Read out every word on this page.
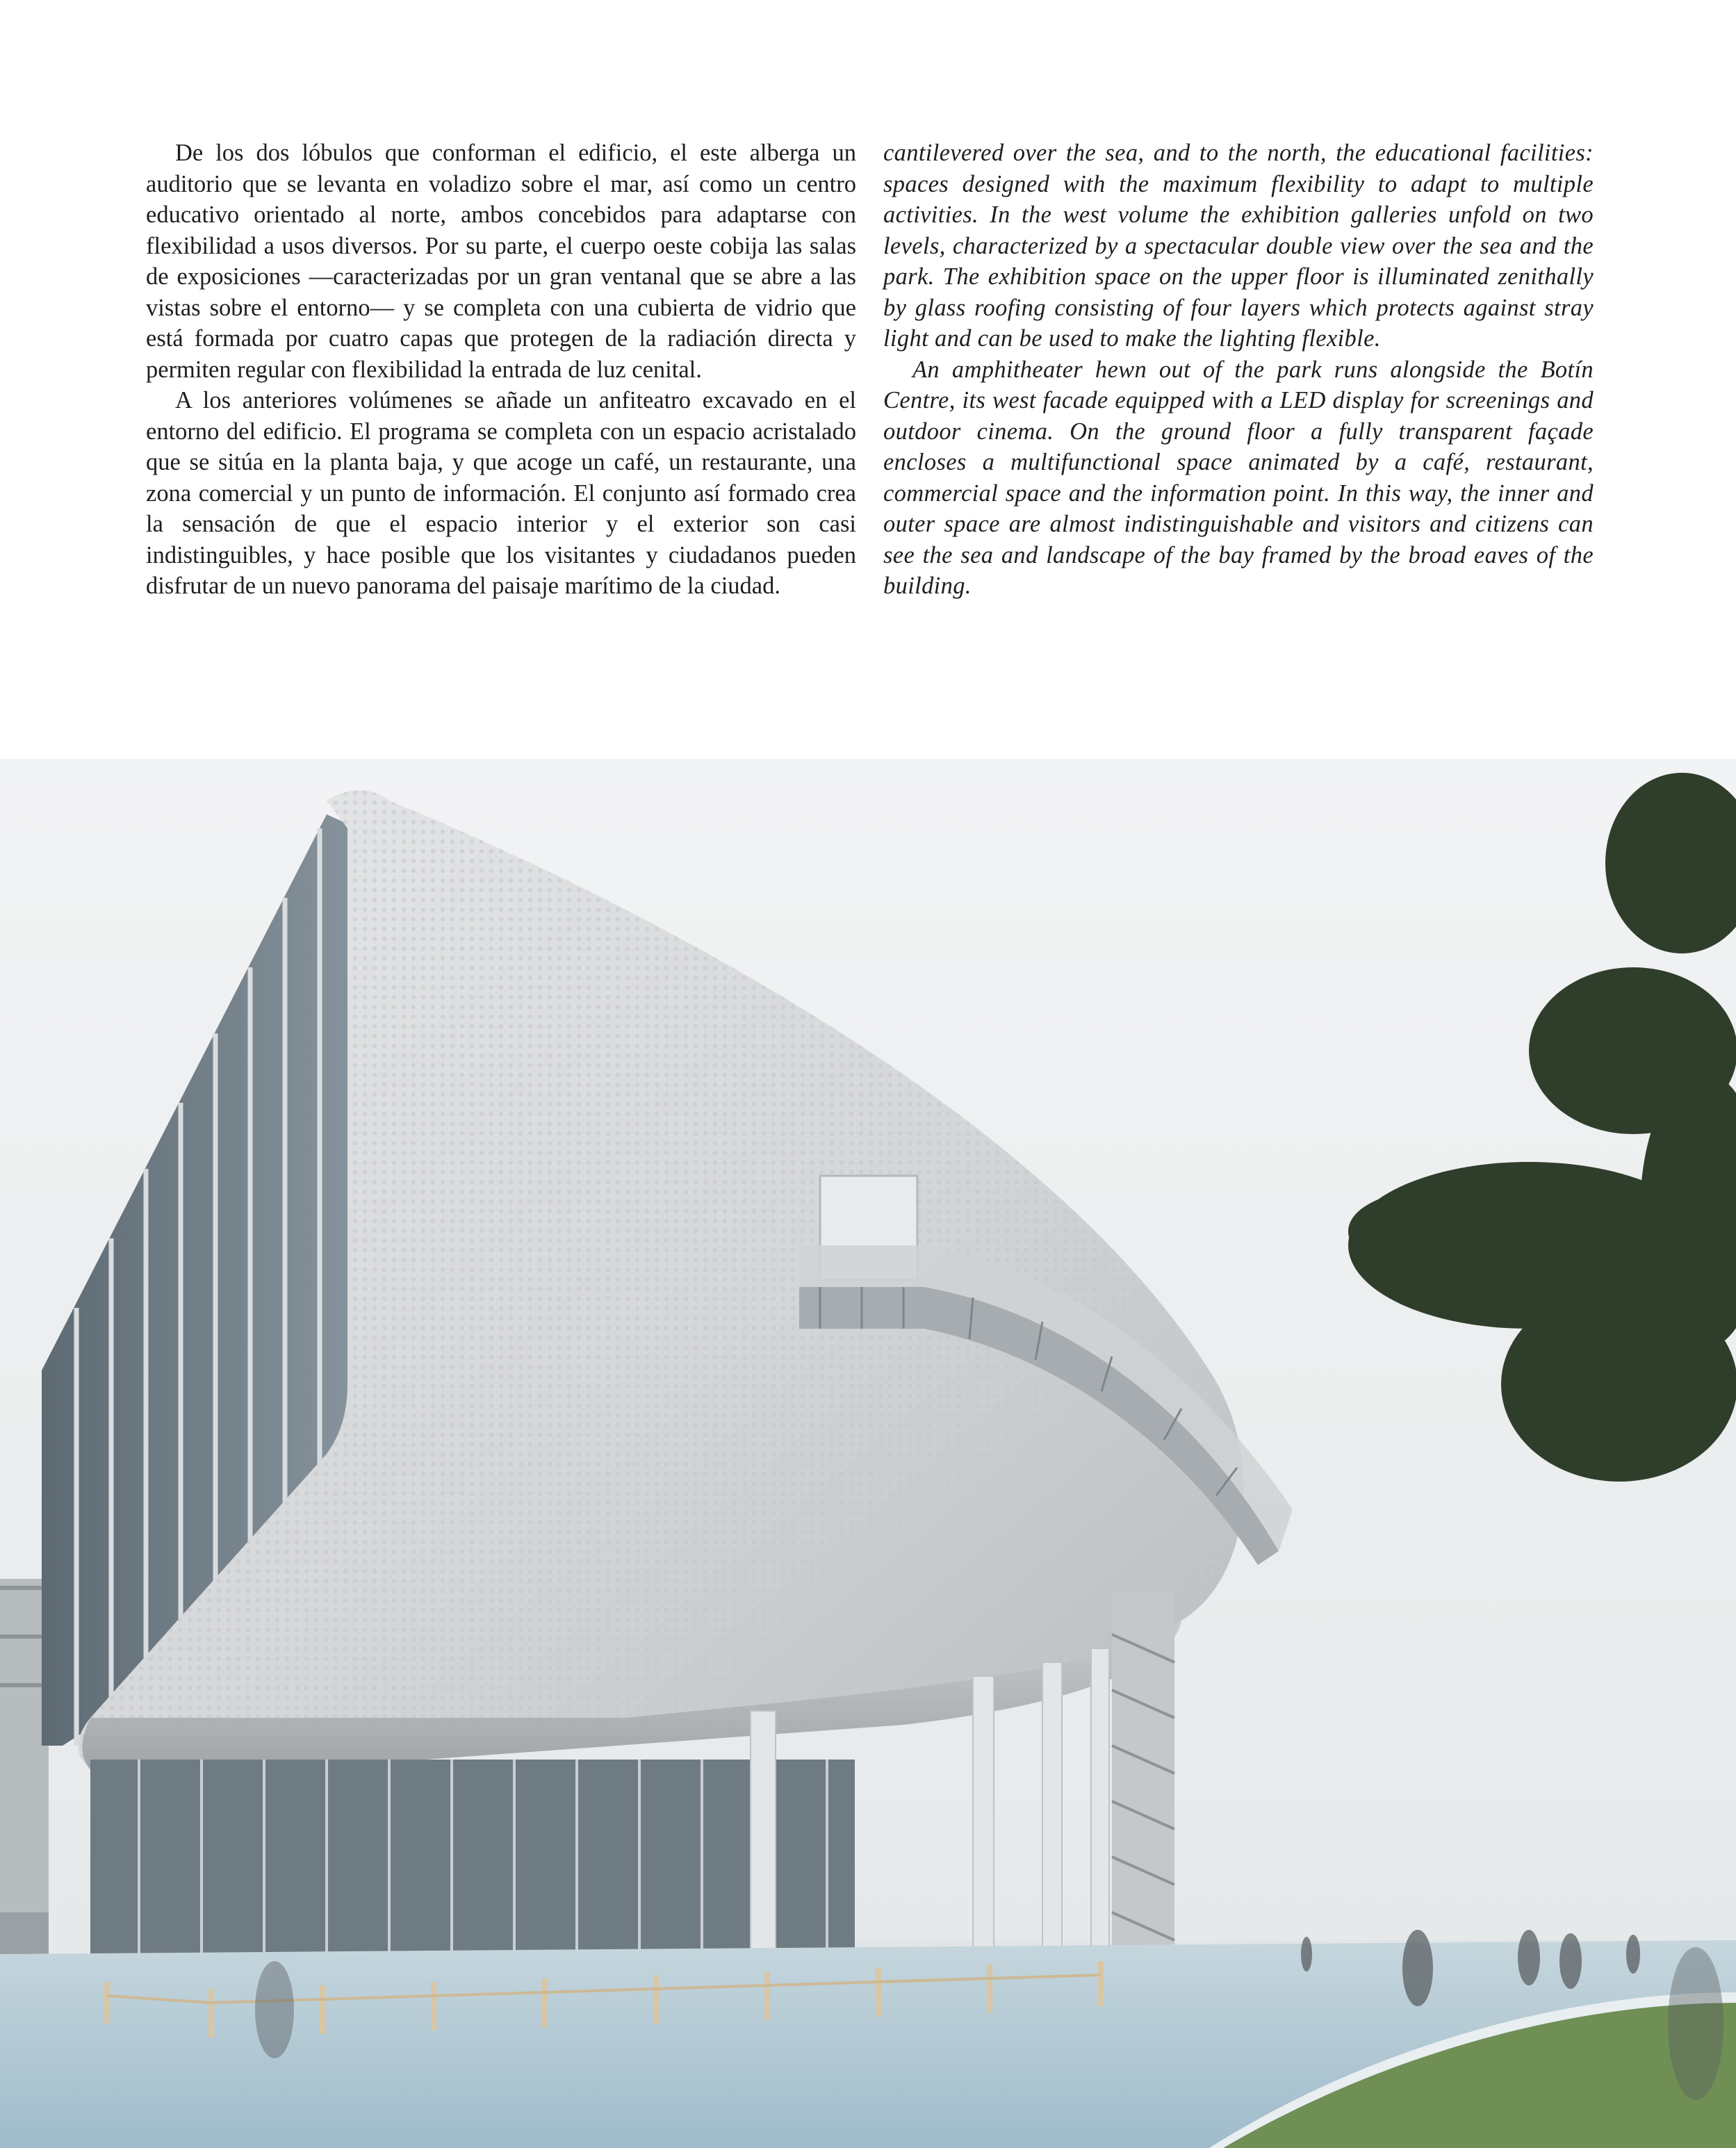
De los dos lóbulos que conforman el edificio, el este alberga un auditorio que se levanta en voladizo sobre el mar, así como un centro educativo orientado al norte, ambos concebidos para adaptarse con flexibilidad a usos diversos. Por su parte, el cuerpo oeste cobija las salas de exposiciones —caracterizadas por un gran ventanal que se abre a las vistas sobre el entorno— y se completa con una cubierta de vidrio que está formada por cuatro capas que protegen de la radiación directa y permiten regular con flexibilidad la entrada de luz cenital.

A los anteriores volúmenes se añade un anfiteatro excavado en el entorno del edificio. El programa se completa con un espacio acristalado que se sitúa en la planta baja, y que acoge un café, un restaurante, una zona comercial y un punto de información. El conjunto así formado crea la sensación de que el espacio interior y el exterior son casi indistinguibles, y hace posible que los visitantes y ciudadanos pueden disfrutar de un nuevo panorama del paisaje marítimo de la ciudad.

cantilevered over the sea, and to the north, the educational facilities: spaces designed with the maximum flexibility to adapt to multiple activities. In the west volume the exhibition galleries unfold on two levels, characterized by a spectacular double view over the sea and the park. The exhibition space on the upper floor is illuminated zenithally by glass roofing consisting of four layers which protects against stray light and can be used to make the lighting flexible.

An amphitheater hewn out of the park runs alongside the Botín Centre, its west facade equipped with a LED display for screenings and outdoor cinema. On the ground floor a fully transparent façade encloses a multifunctional space animated by a café, restaurant, commercial space and the information point. In this way, the inner and outer space are almost indistinguishable and visitors and citizens can see the sea and landscape of the bay framed by the broad eaves of the building.
